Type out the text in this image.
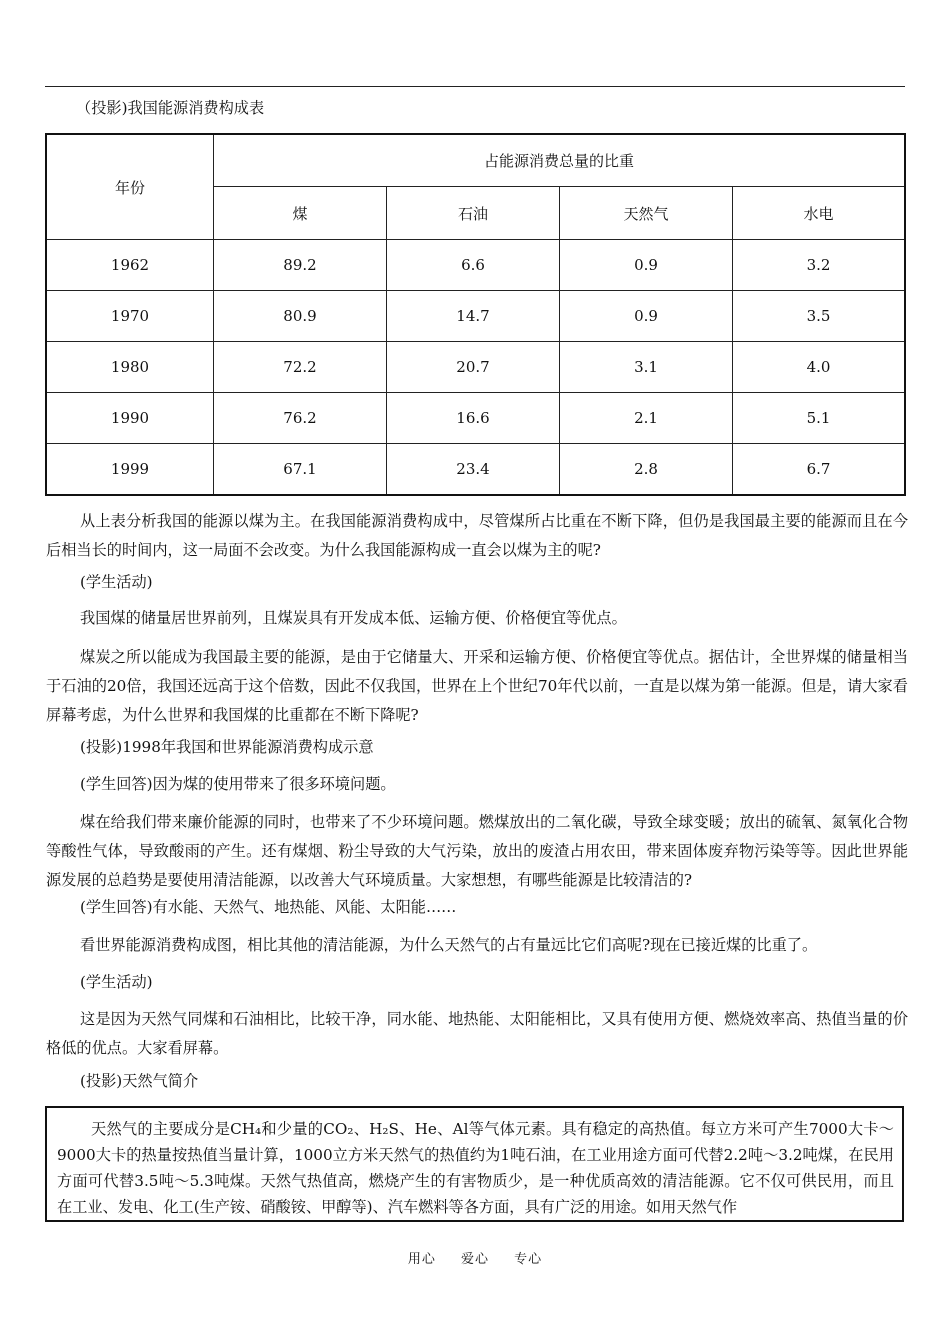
（投影)我国能源消费构成表

年份	占能源消费总量的比重			
	煤	石油	天然气	水电
1962	89.2	6.6	0.9	3.2
1970	80.9	14.7	0.9	3.5
1980	72.2	20.7	3.1	4.0
1990	76.2	16.6	2.1	5.1
1999	67.1	23.4	2.8	6.7

从上表分析我国的能源以煤为主。在我国能源消费构成中，尽管煤所占比重在不断下降，但仍是我国最主要的能源而且在今后相当长的时间内，这一局面不会改变。为什么我国能源构成一直会以煤为主的呢?

(学生活动)

我国煤的储量居世界前列，且煤炭具有开发成本低、运输方便、价格便宜等优点。

煤炭之所以能成为我国最主要的能源，是由于它储量大、开采和运输方便、价格便宜等优点。据估计，全世界煤的储量相当于石油的20倍，我国还远高于这个倍数，因此不仅我国，世界在上个世纪70年代以前，一直是以煤为第一能源。但是，请大家看屏幕考虑，为什么世界和我国煤的比重都在不断下降呢?

(投影)1998年我国和世界能源消费构成示意

(学生回答)因为煤的使用带来了很多环境问题。

煤在给我们带来廉价能源的同时，也带来了不少环境问题。燃煤放出的二氧化碳，导致全球变暖；放出的硫氧、氮氧化合物等酸性气体，导致酸雨的产生。还有煤烟、粉尘导致的大气污染，放出的废渣占用农田，带来固体废弃物污染等等。因此世界能源发展的总趋势是要使用清洁能源，以改善大气环境质量。大家想想，有哪些能源是比较清洁的?

(学生回答)有水能、天然气、地热能、风能、太阳能……

看世界能源消费构成图，相比其他的清洁能源，为什么天然气的占有量远比它们高呢?现在已接近煤的比重了。

(学生活动)

这是因为天然气同煤和石油相比，比较干净，同水能、地热能、太阳能相比，又具有使用方便、燃烧效率高、热值当量的价格低的优点。大家看屏幕。

(投影)天然气简介

天然气的主要成分是CH₄和少量的CO₂、H₂S、He、Al等气体元素。具有稳定的高热值。每立方米可产生7000大卡～9000大卡的热量按热值当量计算，1000立方米天然气的热值约为1吨石油，在工业用途方面可代替2.2吨～3.2吨煤，在民用方面可代替3.5吨～5.3吨煤。天然气热值高，燃烧产生的有害物质少，是一种优质高效的清洁能源。它不仅可供民用，而且在工业、发电、化工(生产铵、硝酸铵、甲醇等)、汽车燃料等各方面，具有广泛的用途。如用天然气作

用心 爱心 专心
